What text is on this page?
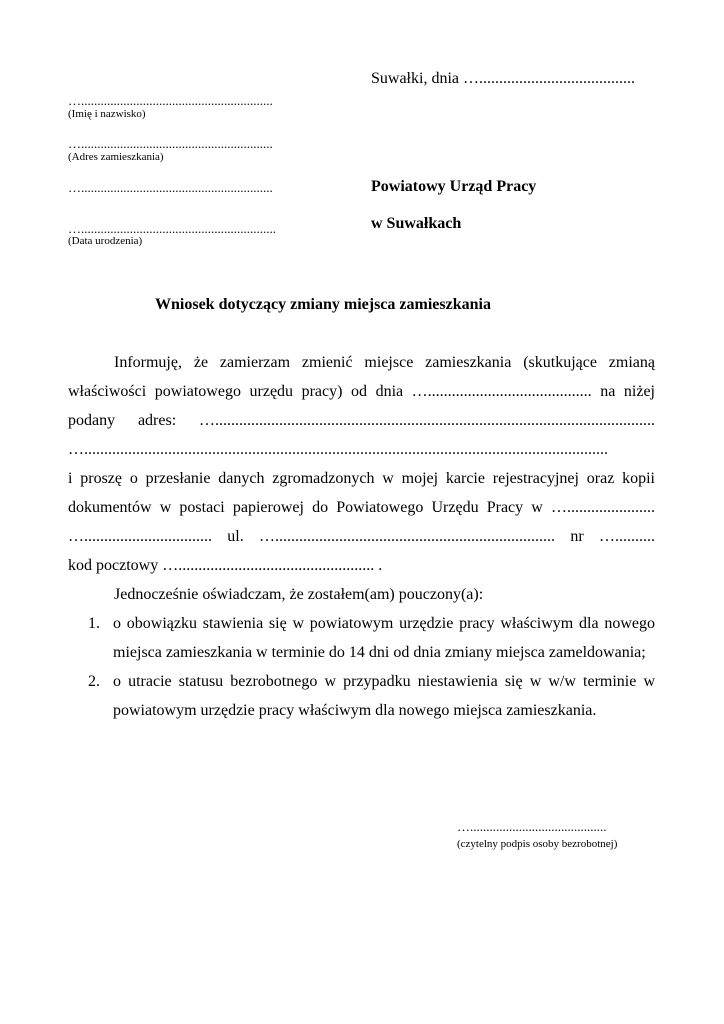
Suwałki, dnia ….......................................
…...........................................................
(Imię i nazwisko)
…...........................................................
(Adres zamieszkania)
…...........................................................
…............................................................
(Data urodzenia)
Powiatowy Urząd Pracy
w Suwałkach
Wniosek dotyczący zmiany miejsca zamieszkania

Informuję, że zamierzam zmienić miejsce zamieszkania (skutkujące zmianą

właściwości powiatowego urzędu pracy) od dnia …......................................... na niżej

podany adres: …..............................................................................................................

…...................................................................................................................................

i proszę o przesłanie danych zgromadzonych w mojej karcie rejestracyjnej oraz kopii

dokumentów w postaci papierowej do Powiatowego Urzędu Pracy w …......................

…................................ ul. …...................................................................... nr …..........

kod pocztowy …................................................. .

Jednocześnie oświadczam, że zostałem(am) pouczony(a):

1. o obowiązku stawienia się w powiatowym urzędzie pracy właściwym dla nowego miejsca zamieszkania w terminie do 14 dni od dnia zmiany miejsca zameldowania;
2. o utracie statusu bezrobotnego w przypadku niestawienia się w w/w terminie w powiatowym urzędzie pracy właściwym dla nowego miejsca zamieszkania.
…..........................................
(czytelny podpis osoby bezrobotnej)
